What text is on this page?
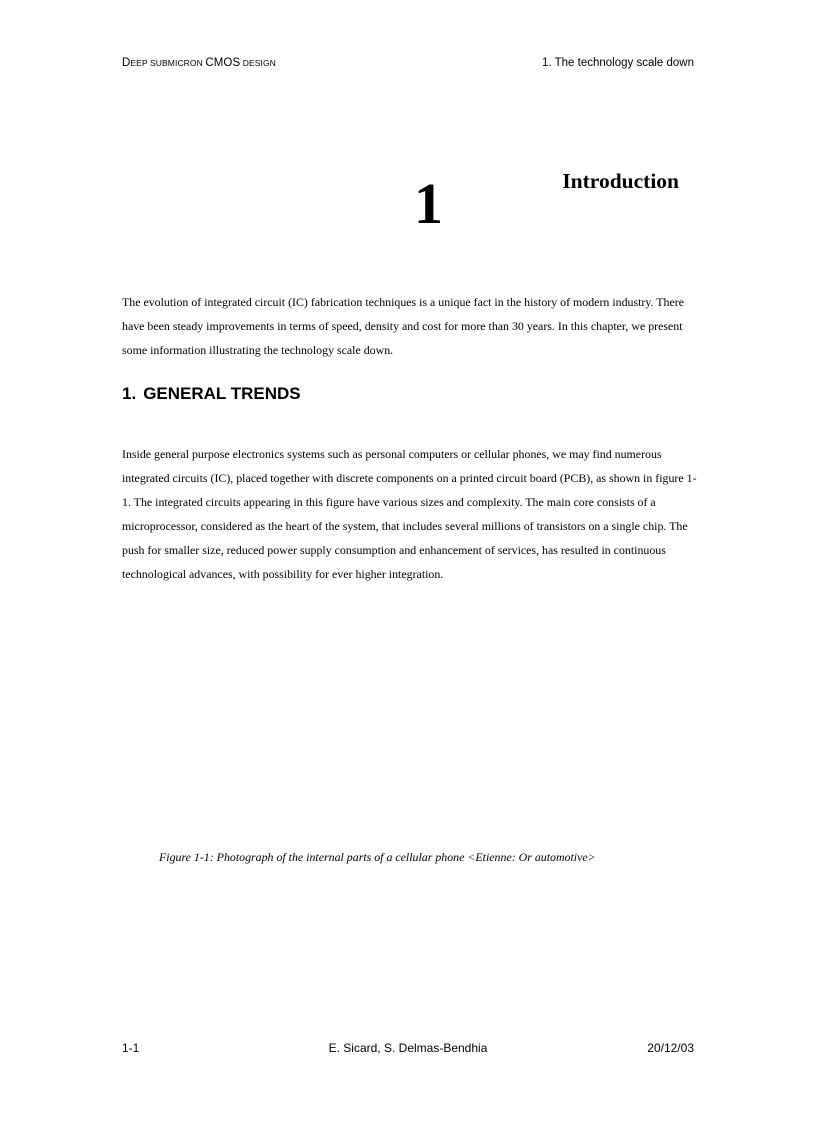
DEEP SUBMICRON CMOS DESIGN	1. The technology scale down
1	Introduction

The evolution of integrated circuit (IC) fabrication techniques is a unique fact in the history of modern industry. There have been steady improvements in terms of speed, density and cost for more than 30 years. In this chapter, we present some information illustrating the technology scale down.

1. GENERAL TRENDS

Inside general purpose electronics systems such as personal computers or cellular phones, we may find numerous integrated circuits (IC), placed together with discrete components on a printed circuit board (PCB), as shown in figure 1-1. The integrated circuits appearing in this figure have various sizes and complexity. The main core consists of a microprocessor, considered as the heart of the system, that includes several millions of transistors on a single chip. The push for smaller size, reduced power supply consumption and enhancement of services, has resulted in continuous technological advances, with possibility for ever higher integration.

Figure 1-1: Photograph of the internal parts of a cellular phone <Etienne: Or automotive>

1-1	E. Sicard, S. Delmas-Bendhia	20/12/03
